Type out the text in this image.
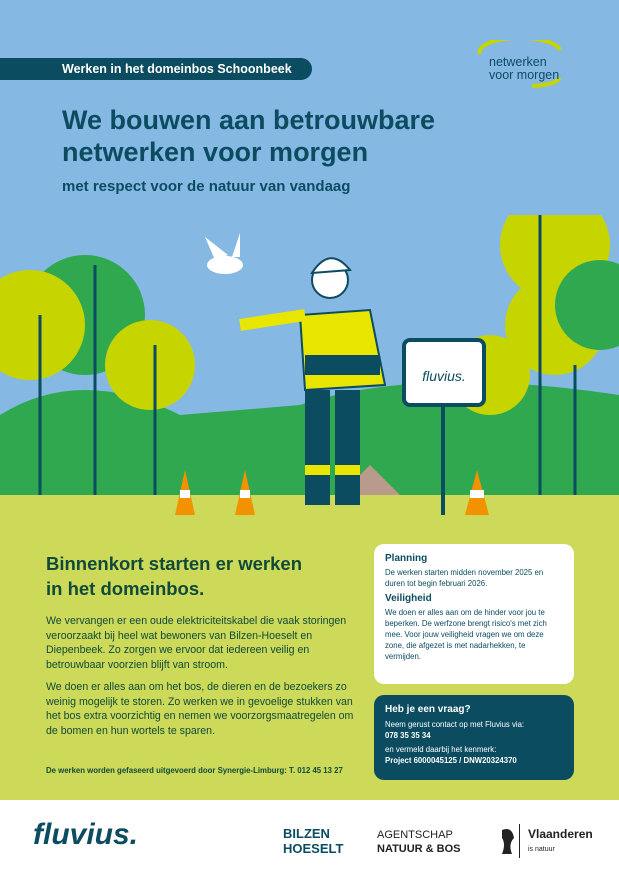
Werken in het domeinbos Schoonbeek	netwerken
voor morgen
We bouwen aan betrouwbare
netwerken voor morgen
met respect voor de natuur van vandaag
fluvius.
Binnenkort starten er werken
in het domeinbos.
We vervangen er een oude elektriciteitskabel die vaak storingen veroorzaakt bij heel wat bewoners van Bilzen-Hoeselt en Diepenbeek. Zo zorgen we ervoor dat iedereen veilig en betrouwbaar voorzien blijft van stroom.
We doen er alles aan om het bos, de dieren en de bezoekers zo weinig mogelijk te storen. Zo werken we in gevoelige stukken van het bos extra voorzichtig en nemen we voorzorgsmaatregelen om de bomen en hun wortels te sparen.
De werken worden gefaseerd uitgevoerd door Synergie-Limburg: T. 012 45 13 27
Planning

De werken starten midden november 2025 en duren tot begin februari 2026.

Veiligheid

We doen er alles aan om de hinder voor jou te beperken. De werfzone brengt risico's met zich mee. Voor jouw veiligheid vragen we om deze zone, die afgezet is met nadarhekken, te vermijden.

Heb je een vraag?

Neem gerust contact op met Fluvius via:
078 35 35 34

en vermeld daarbij het kenmerk:
Project 6000045125 / DNW20324370

fluvius.	BILZEN
HOESELT
AGENTSCHAP
NATUUR & BOS
Vlaanderen
is natuur
